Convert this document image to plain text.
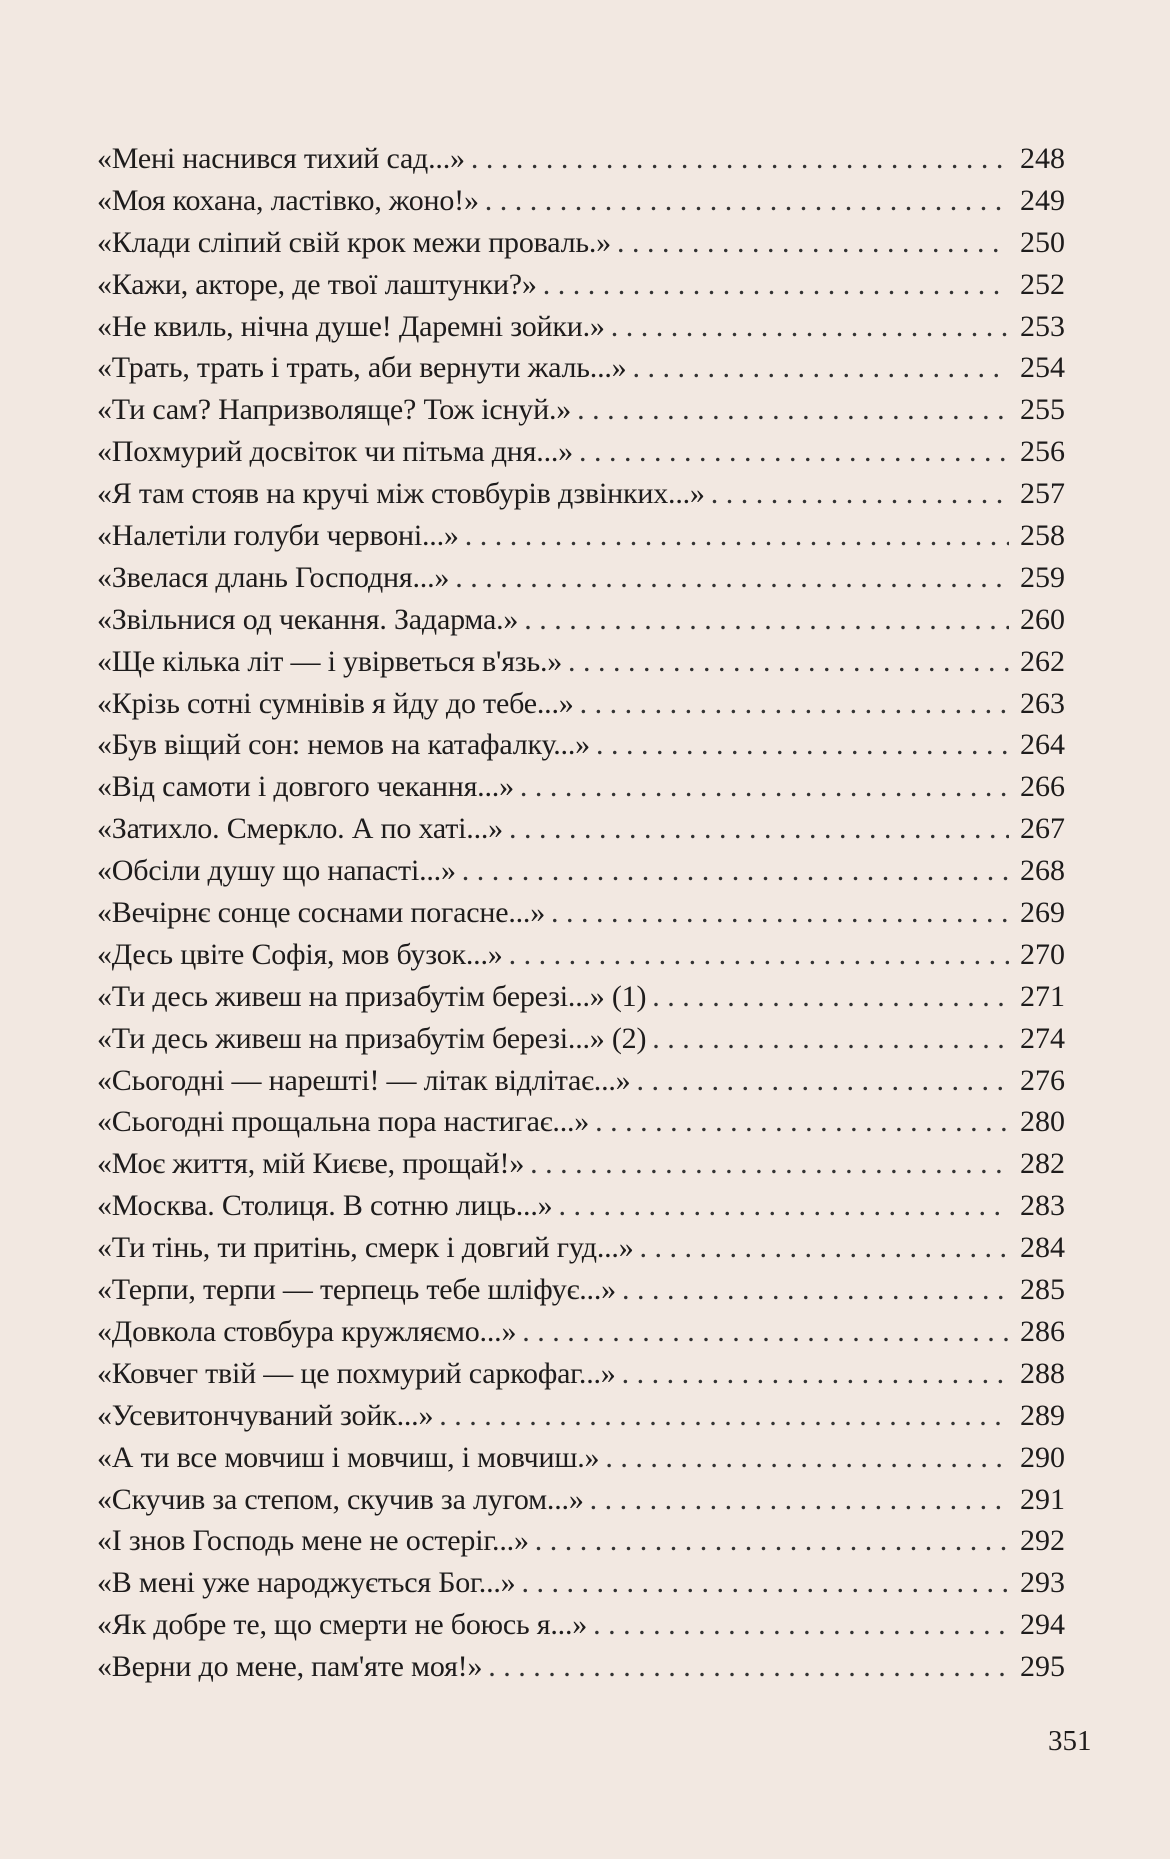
«Мені наснився тихий сад...» . . .	248
«Моя кохана, ластівко, жоно!» . . .	249
«Клади сліпий свій крок межи проваль.» . . .	250
«Кажи, акторе, де твої лаштунки?» . . .	252
«Не квиль, нічна душе! Даремні зойки.» . . .	253
«Трать, трать і трать, аби вернути жаль...» . . .	254
«Ти сам? Напризволяще? Тож існуй.» . . .	255
«Похмурий досвіток чи пітьма дня...» . . .	256
«Я там стояв на кручі між стовбурів дзвінких...» . . .	257
«Налетіли голуби червоні...» . . .	258
«Звелася длань Господня...» . . .	259
«Звільнися од чекання. Задарма.» . . .	260
«Ще кілька літ — і увірветься в'язь.» . . .	262
«Крізь сотні сумнівів я йду до тебе...» . . .	263
«Був віщий сон: немов на катафалку...» . . .	264
«Від самоти і довгого чекання...» . . .	266
«Затихло. Смеркло. А по хаті...» . . .	267
«Обсіли душу що напасті...» . . .	268
«Вечірнє сонце соснами погасне...» . . .	269
«Десь цвіте Софія, мов бузок...» . . .	270
«Ти десь живеш на призабутім березі...» (1) . . .	271
«Ти десь живеш на призабутім березі...» (2) . . .	274
«Сьогодні — нарешті! — літак відлітає...» . . .	276
«Сьогодні прощальна пора настигає...» . . .	280
«Моє життя, мій Києве, прощай!» . . .	282
«Москва. Столиця. В сотню лиць...» . . .	283
«Ти тінь, ти притінь, смерк і довгий гуд...» . . .	284
«Терпи, терпи — терпець тебе шліфує...» . . .	285
«Довкола стовбура кружляємо...» . . .	286
«Ковчег твій — це похмурий саркофаг...» . . .	288
«Усевитончуваний зойк...» . . .	289
«А ти все мовчиш і мовчиш, і мовчиш.» . . .	290
«Скучив за степом, скучив за лугом...» . . .	291
«І знов Господь мене не остеріг...» . . .	292
«В мені уже народжується Бог...» . . .	293
«Як добре те, що смерти не боюсь я...» . . .	294
«Верни до мене, пам'яте моя!» . . .	295
351
